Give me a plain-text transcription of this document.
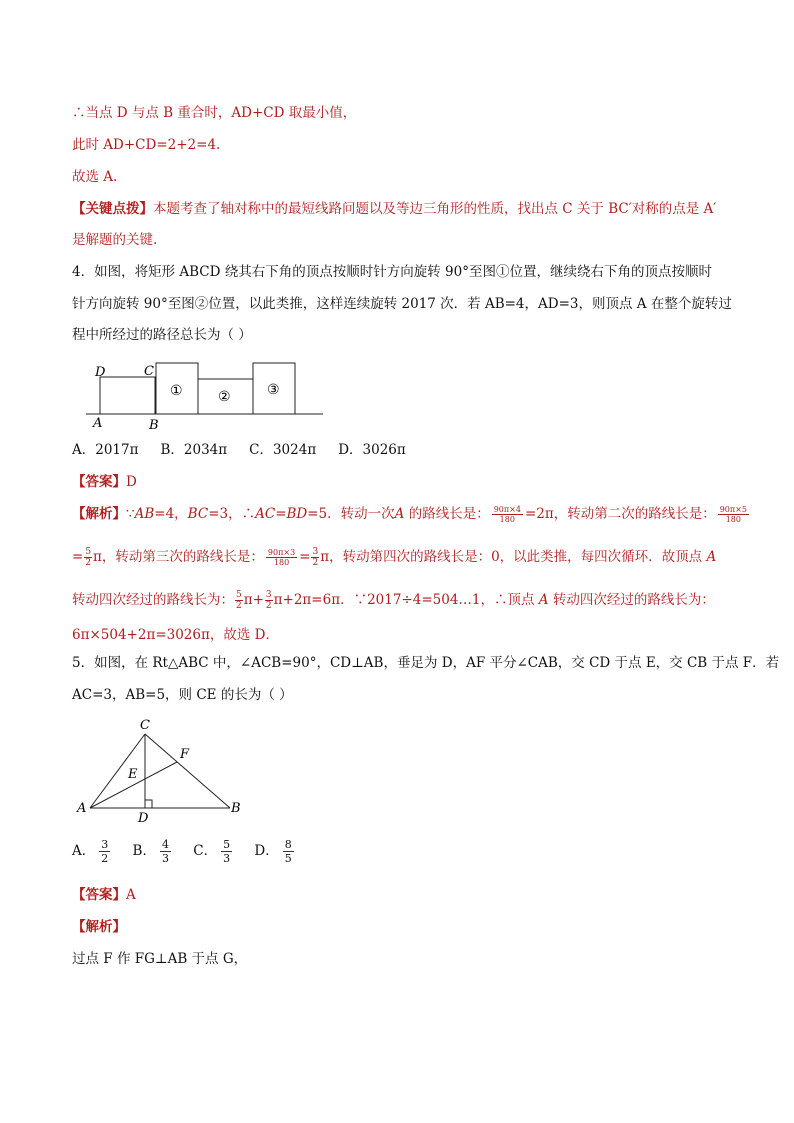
∴当点 D 与点 B 重合时，AD+CD 取最小值，
此时 AD+CD=2+2=4.
故选 A.
【关键点拨】本题考查了轴对称中的最短线路问题以及等边三角形的性质，找出点 C 关于 BC′对称的点是 A′
是解题的关键.
4．如图，将矩形 ABCD 绕其右下角的顶点按顺时针方向旋转 90°至图①位置，继续绕右下角的顶点按顺时
针方向旋转 90°至图②位置，以此类推，这样连续旋转 2017 次．若 AB=4，AD=3，则顶点 A 在整个旋转过
程中所经过的路径总长为（ ）
D	C
A	B
①	②	③
A．2017π B．2034π C．3024π D．3026π
【答案】D
【解析】∵AB=4，BC=3，∴AC=BD=5．转动一次A 的路线长是： $\frac{90\pi\times 4}{180} =2\pi$，转动第二次的路线长是： $\frac{90\pi\times 5}{180}$
= $\frac{5}{2}$ π，转动第三次的路线长是： $\frac{90\pi\times 3}{180} = \frac{3}{2}$ π，转动第四次的路线长是：0，以此类推，每四次循环．故顶点 A
转动四次经过的路线长为： $\frac{5}{2} \pi+ \frac{3}{2} \pi+2\pi=6\pi$．∵2017÷4=504…1，∴顶点 A 转动四次经过的路线长为：
6π×504+2π=3026π，故选 D．
5．如图，在 Rt△ABC 中，∠ACB=90°，CD⊥AB，垂足为 D，AF 平分∠CAB，交 CD 于点 E，交 CB 于点 F．若
AC=3，AB=5，则 CE 的长为（ ）
C
F
E
A
D
B
A． $\frac{3}{2}$ B． $\frac{4}{3}$ C． $\frac{5}{3}$ D． $\frac{8}{5}$
【答案】A
【解析】
过点 F 作 FG⊥AB 于点 G，
